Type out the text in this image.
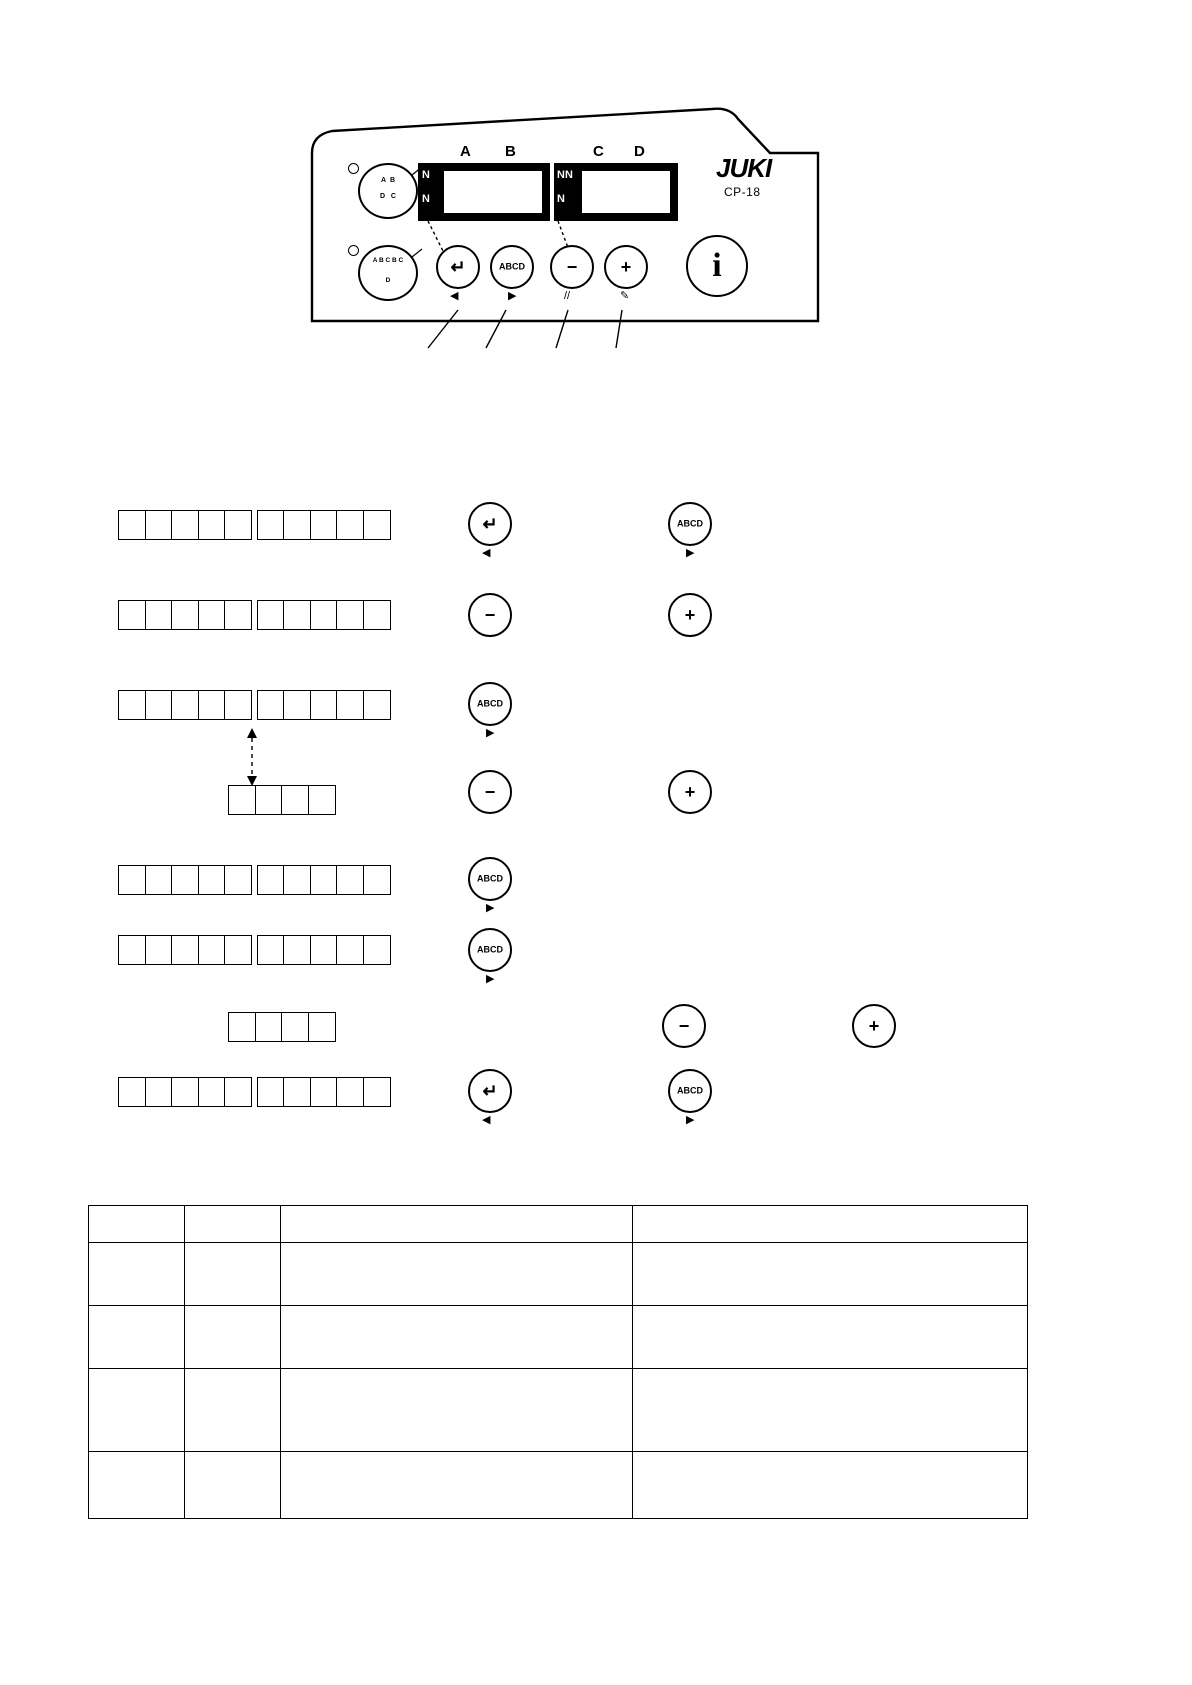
A B	C D
И
И
ИИ
И
JUKI
CP-18
A  B
D   C
A B C B C
D
↵
◀
ABCD
▶
−
//
+
✎
i
↵
◀
ABCD
▶
−	+
ABCD
▶
−	+
ABCD
▶
ABCD
▶
−	+
↵
◀
ABCD
▶
